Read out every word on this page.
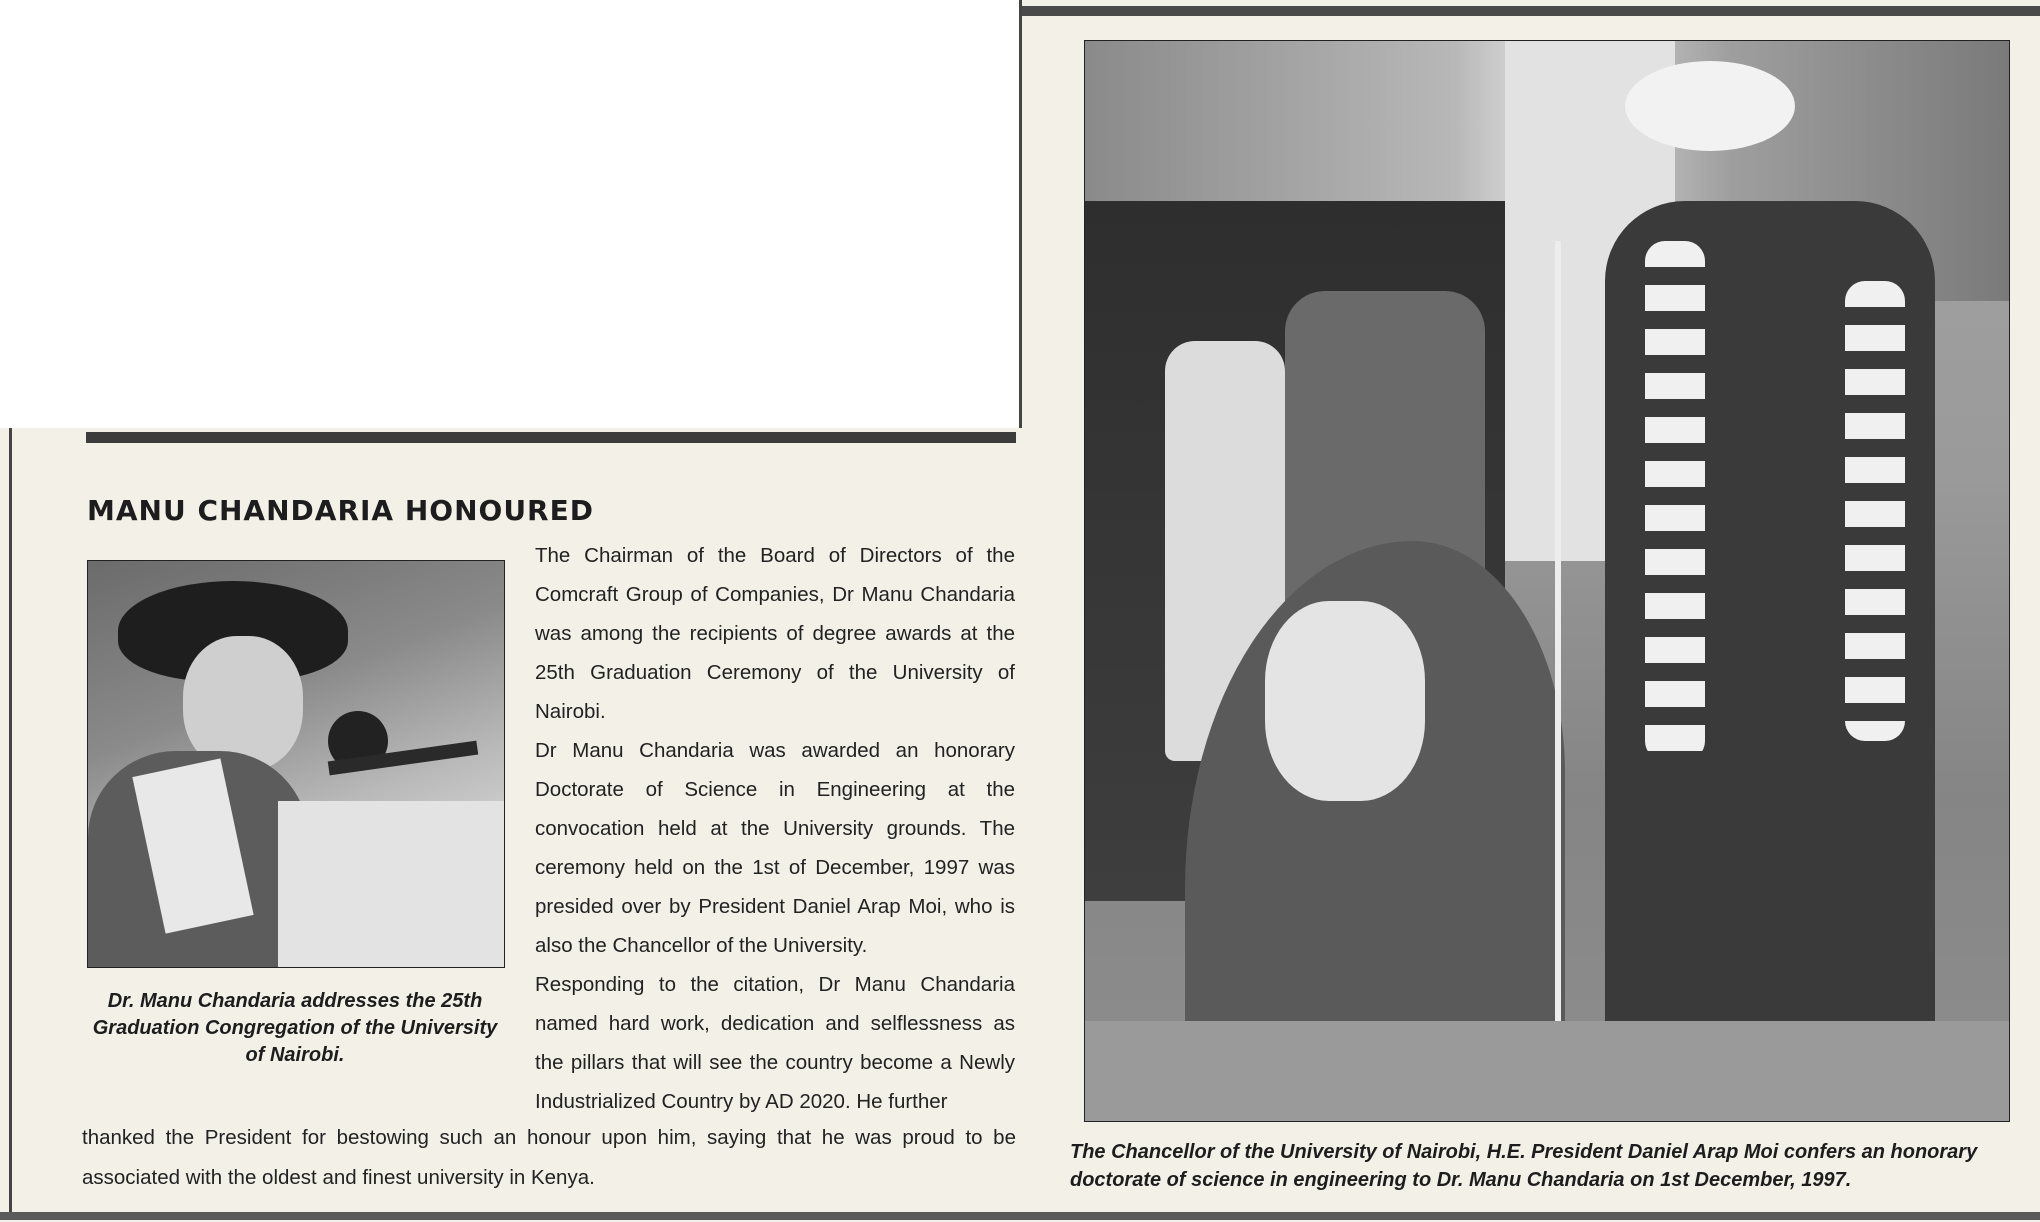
MANU CHANDARIA HONOURED

The Chairman of the Board of Directors of the Comcraft Group of Companies, Dr Manu Chandaria was among the recipients of degree awards at the 25th Graduation Ceremony of the University of Nairobi.

Dr Manu Chandaria was awarded an honorary Doctorate of Science in Engineering at the convocation held at the University grounds. The ceremony held on the 1st of December, 1997 was presided over by President Daniel Arap Moi, who is also the Chancellor of the University.

Responding to the citation, Dr Manu Chandaria named hard work, dedication and selflessness as the pillars that will see the country become a Newly Industrialized Country by AD 2020. He further

thanked the President for bestowing such an honour upon him, saying that he was proud to be associated with the oldest and finest university in Kenya.

Dr. Manu Chandaria addresses the 25th Graduation Congregation of the University of Nairobi.

The Chancellor of the University of Nairobi, H.E. President Daniel Arap Moi confers an honorary doctorate of science in engineering to Dr. Manu Chandaria on 1st December, 1997.
